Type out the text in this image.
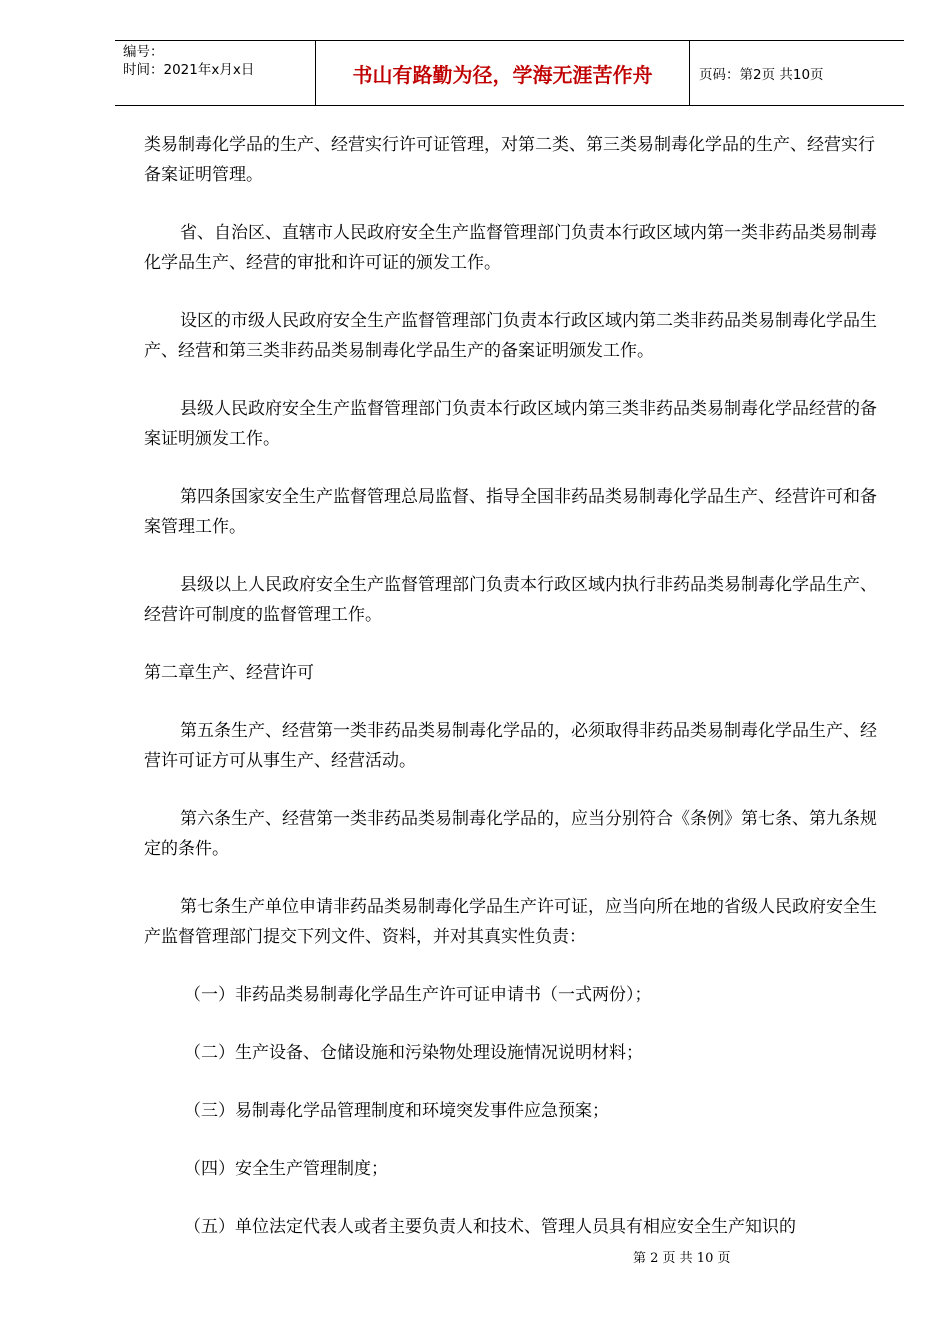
编号：
时间：2021年x月x日	书山有路勤为径，学海无涯苦作舟	页码：第2页 共10页

类易制毒化学品的生产、经营实行许可证管理，对第二类、第三类易制毒化学品的生产、经营实行备案证明管理。

省、自治区、直辖市人民政府安全生产监督管理部门负责本行政区域内第一类非药品类易制毒化学品生产、经营的审批和许可证的颁发工作。

设区的市级人民政府安全生产监督管理部门负责本行政区域内第二类非药品类易制毒化学品生产、经营和第三类非药品类易制毒化学品生产的备案证明颁发工作。

县级人民政府安全生产监督管理部门负责本行政区域内第三类非药品类易制毒化学品经营的备案证明颁发工作。

第四条国家安全生产监督管理总局监督、指导全国非药品类易制毒化学品生产、经营许可和备案管理工作。

县级以上人民政府安全生产监督管理部门负责本行政区域内执行非药品类易制毒化学品生产、经营许可制度的监督管理工作。

第二章生产、经营许可

第五条生产、经营第一类非药品类易制毒化学品的，必须取得非药品类易制毒化学品生产、经营许可证方可从事生产、经营活动。

第六条生产、经营第一类非药品类易制毒化学品的，应当分别符合《条例》第七条、第九条规定的条件。

第七条生产单位申请非药品类易制毒化学品生产许可证，应当向所在地的省级人民政府安全生产监督管理部门提交下列文件、资料，并对其真实性负责：

（一）非药品类易制毒化学品生产许可证申请书（一式两份）；

（二）生产设备、仓储设施和污染物处理设施情况说明材料；

（三）易制毒化学品管理制度和环境突发事件应急预案；

（四）安全生产管理制度；

（五）单位法定代表人或者主要负责人和技术、管理人员具有相应安全生产知识的

第 2 页 共 10 页
